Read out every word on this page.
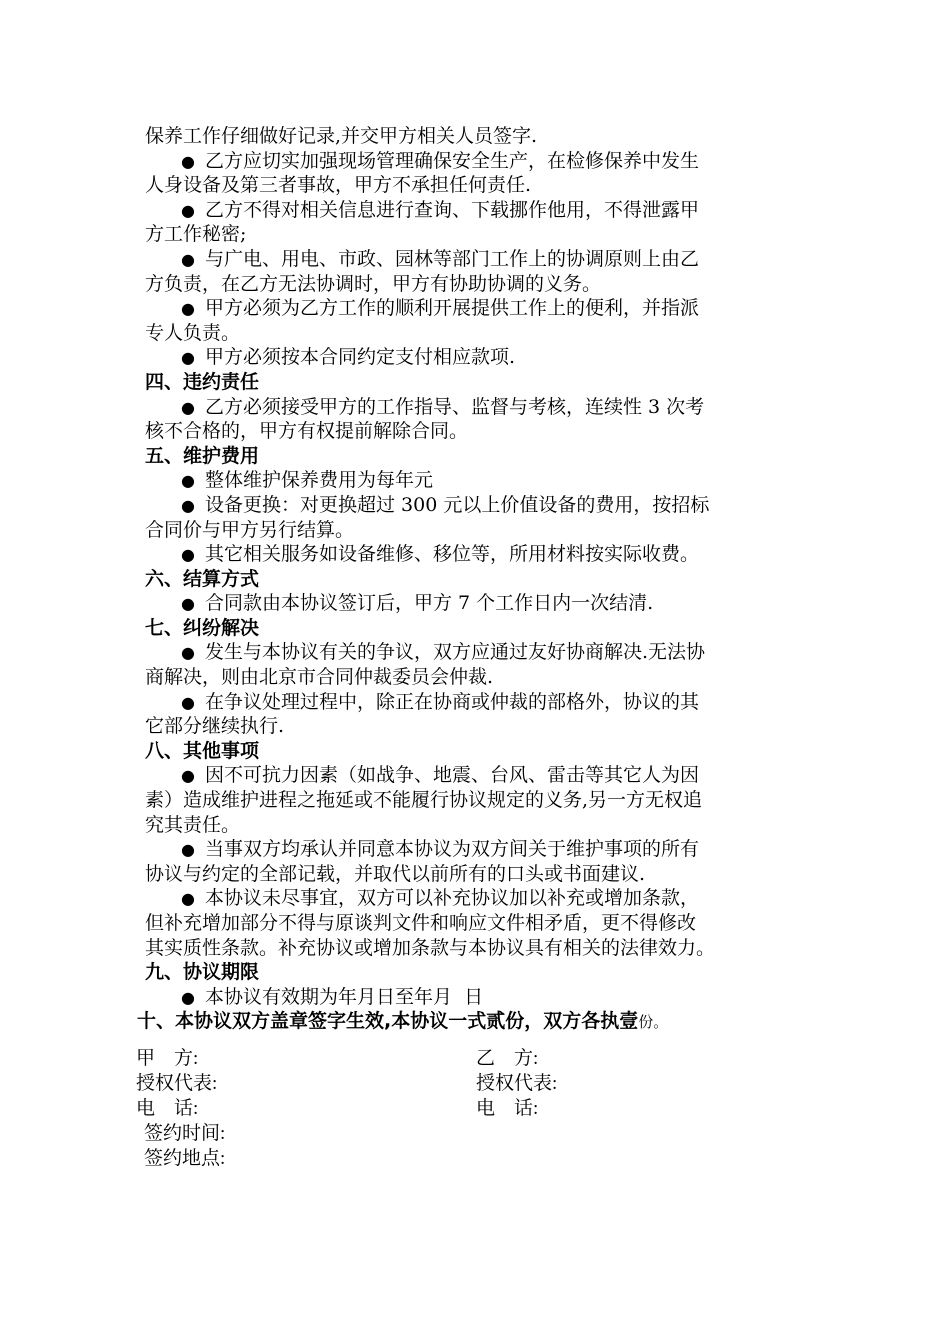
保养工作仔细做好记录,并交甲方相关人员签字.
● 乙方应切实加强现场管理确保安全生产，在检修保养中发生
人身设备及第三者事故，甲方不承担任何责任.
● 乙方不得对相关信息进行查询、下载挪作他用，不得泄露甲
方工作秘密;
● 与广电、用电、市政、园林等部门工作上的协调原则上由乙
方负责，在乙方无法协调时，甲方有协助协调的义务。
● 甲方必须为乙方工作的顺利开展提供工作上的便利，并指派
专人负责。
● 甲方必须按本合同约定支付相应款项.
四、违约责任
● 乙方必须接受甲方的工作指导、监督与考核，连续性 3 次考
核不合格的，甲方有权提前解除合同。
五、维护费用
● 整体维护保养费用为每年元
● 设备更换：对更换超过 300 元以上价值设备的费用，按招标
合同价与甲方另行结算。
● 其它相关服务如设备维修、移位等，所用材料按实际收费。
六、结算方式
● 合同款由本协议签订后，甲方 7 个工作日内一次结清.
七、纠纷解决
● 发生与本协议有关的争议，双方应通过友好协商解决.无法协
商解决，则由北京市合同仲裁委员会仲裁.
● 在争议处理过程中，除正在协商或仲裁的部格外，协议的其
它部分继续执行.
八、其他事项
● 因不可抗力因素（如战争、地震、台风、雷击等其它人为因
素）造成维护进程之拖延或不能履行协议规定的义务,另一方无权追
究其责任。
● 当事双方均承认并同意本协议为双方间关于维护事项的所有
协议与约定的全部记载，并取代以前所有的口头或书面建议.
● 本协议未尽事宜，双方可以补充协议加以补充或增加条款，
但补充增加部分不得与原谈判文件和响应文件相矛盾，更不得修改
其实质性条款。补充协议或增加条款与本协议具有相关的法律效力。
九、协议期限
● 本协议有效期为年月日至年月  日
十、本协议双方盖章签字生效,本协议一式贰份，双方各执壹份。
甲    方:	乙    方:
授权代表:	授权代表:
电    话:	电    话:
签约时间:
签约地点:
